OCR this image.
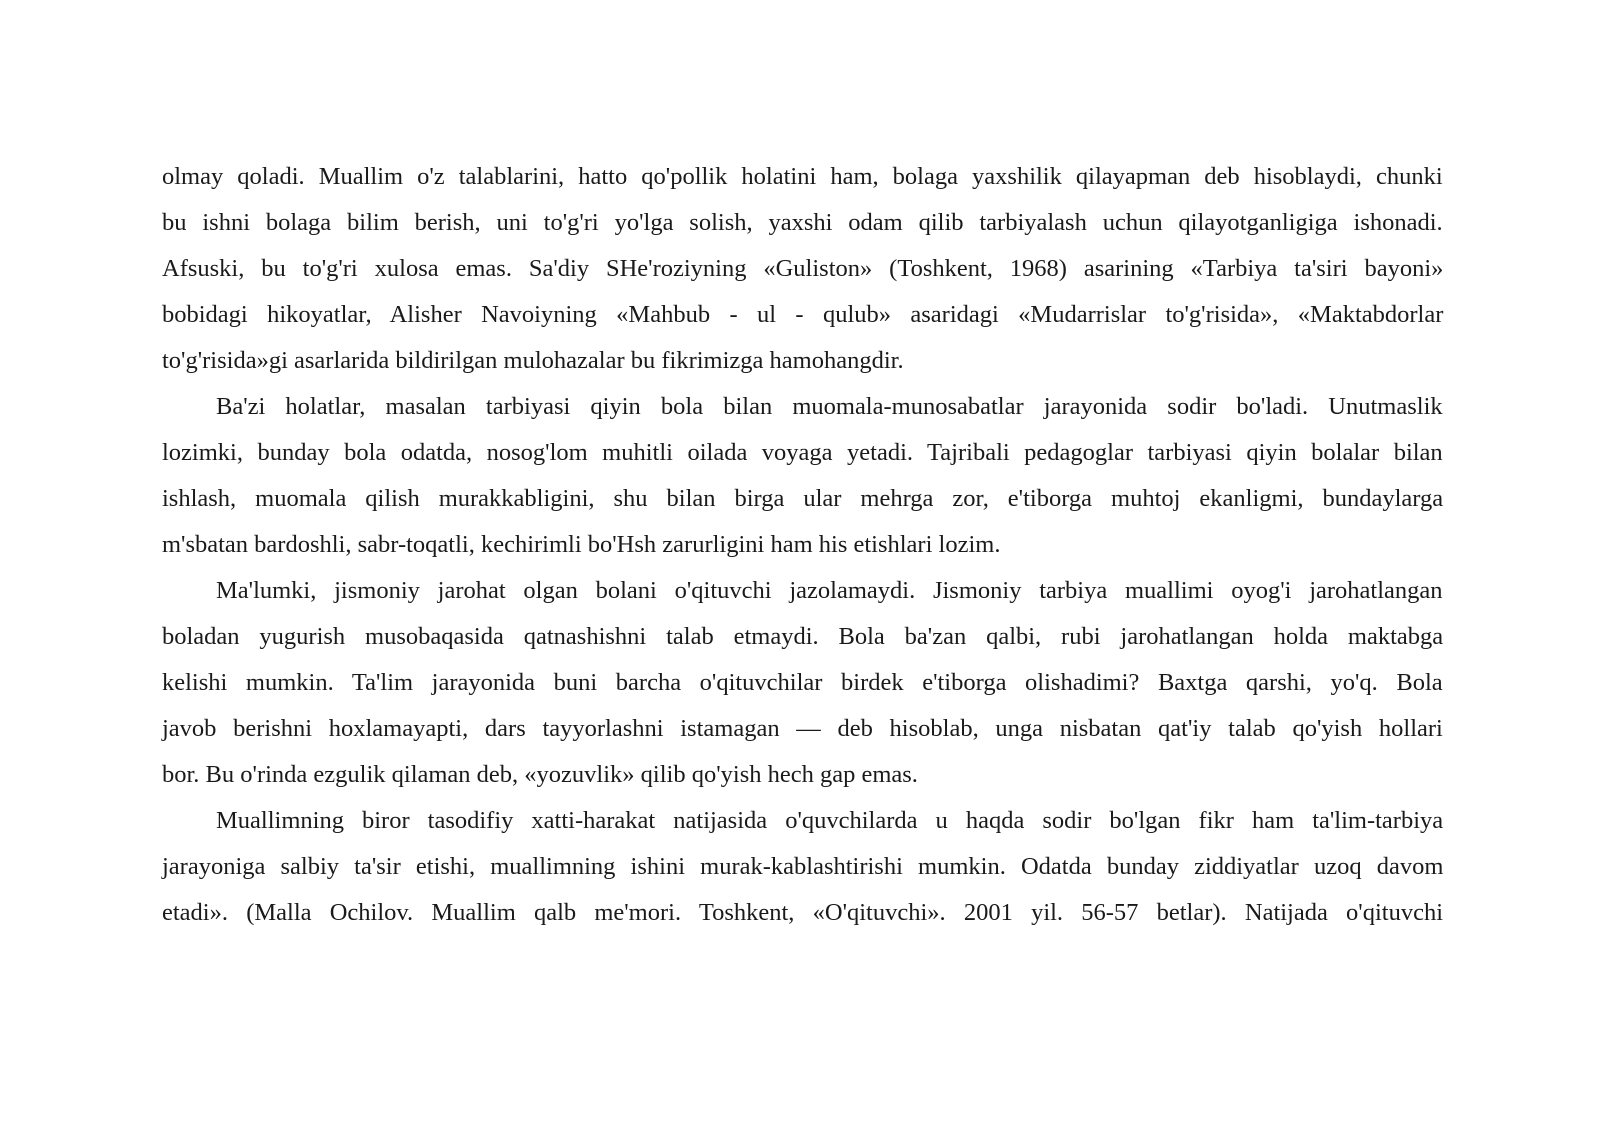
olmay qoladi. Muallim o'z talablarini, hatto qo'pollik holatini ham, bolaga yaxshilik qilayapman deb hisoblaydi, chunki
bu ishni bolaga bilim berish, uni to'g'ri yo'lga solish, yaxshi odam qilib tarbiyalash uchun qilayotganligiga ishonadi.
Afsuski, bu to'g'ri xulosa emas. Sa'diy SHe'roziyning «Guliston» (Toshkent, 1968) asarining «Tarbiya ta'siri bayoni»
bobidagi hikoyatlar, Alisher Navoiyning «Mahbub - ul - qulub» asaridagi «Mudarrislar to'g'risida», «Maktabdorlar
to'g'risida»gi asarlarida bildirilgan mulohazalar bu fikrimizga hamohangdir.
Ba'zi holatlar, masalan tarbiyasi qiyin bola bilan muomala-munosabatlar jarayonida sodir bo'ladi. Unutmaslik
lozimki, bunday bola odatda, nosog'lom muhitli oilada voyaga yetadi. Tajribali pedagoglar tarbiyasi qiyin bolalar bilan
ishlash, muomala qilish murakkabligini, shu bilan birga ular mehrga zor, e'tiborga muhtoj ekanligmi, bundaylarga
m'sbatan bardoshli, sabr-toqatli, kechirimli bo'Hsh zarurligini ham his etishlari lozim.
Ma'lumki, jismoniy jarohat olgan bolani o'qituvchi jazolamaydi. Jismoniy tarbiya muallimi oyog'i jarohatlangan
boladan yugurish musobaqasida qatnashishni talab etmaydi. Bola ba'zan qalbi, rubi jarohatlangan holda maktabga
kelishi mumkin. Ta'lim jarayonida buni barcha o'qituvchilar birdek e'tiborga olishadimi? Baxtga qarshi, yo'q. Bola
javob berishni hoxlamayapti, dars tayyorlashni istamagan — deb hisoblab, unga nisbatan qat'iy talab qo'yish hollari
bor. Bu o'rinda ezgulik qilaman deb, «yozuvlik» qilib qo'yish hech gap emas.
Muallimning biror tasodifiy xatti-harakat natijasida o'quvchilarda u haqda sodir bo'lgan fikr ham ta'lim-tarbiya
jarayoniga salbiy ta'sir etishi, muallimning ishini murak-kablashtirishi mumkin. Odatda bunday ziddiyatlar uzoq davom
etadi». (Malla Ochilov. Muallim qalb me'mori. Toshkent, «O'qituvchi». 2001 yil. 56-57 betlar). Natijada o'qituvchi
